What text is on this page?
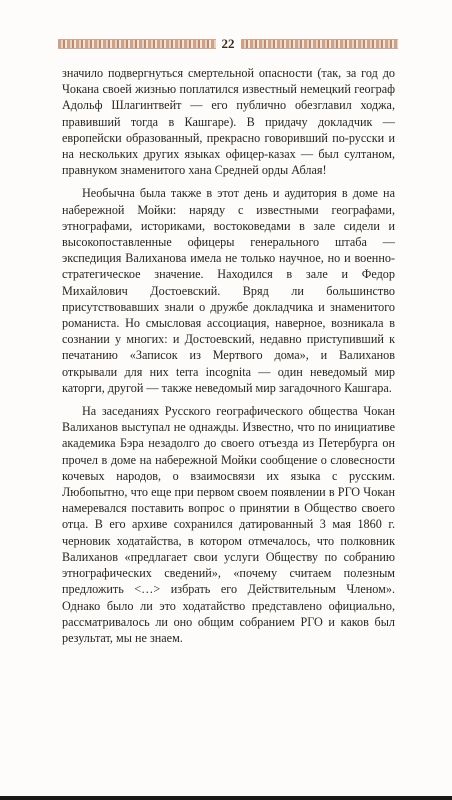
22

значило подвергнуться смертельной опасности (так, за год до Чокана своей жизнью поплатился известный немецкий географ Адольф Шлагинтвейт — его публично обезглавил ходжа, правивший тогда в Кашгаре). В придачу докладчик — европейски образованный, прекрасно говоривший по-русски и на нескольких других языках офицер-казах — был султаном, правнуком знаменитого хана Средней орды Аблая!

Необычна была также в этот день и аудитория в доме на набережной Мойки: наряду с известными географами, этнографами, историками, востоковедами в зале сидели и высокопоставленные офицеры генерального штаба — экспедиция Валиханова имела не только научное, но и военно-стратегическое значение. Находился в зале и Федор Михайлович Достоевский. Вряд ли большинство присутствовавших знали о дружбе докладчика и знаменитого романиста. Но смысловая ассоциация, наверное, возникала в сознании у многих: и Достоевский, недавно приступивший к печатанию «Записок из Мертвого дома», и Валиханов открывали для них terra incognita — один неведомый мир каторги, другой — также неведомый мир загадочного Кашгара.

На заседаниях Русского географического общества Чокан Валиханов выступал не однажды. Известно, что по инициативе академика Бэра незадолго до своего отъезда из Петербурга он прочел в доме на набережной Мойки сообщение о словесности кочевых народов, о взаимосвязи их языка с русским. Любопытно, что еще при первом своем появлении в РГО Чокан намеревался поставить вопрос о принятии в Общество своего отца. В его архиве сохранился датированный 3 мая 1860 г. черновик ходатайства, в котором отмечалось, что полковник Валиханов «предлагает свои услуги Обществу по собранию этнографических сведений», «почему считаем полезным предложить <…> избрать его Действительным Членом». Однако было ли это ходатайство представлено официально, рассматривалось ли оно общим собранием РГО и каков был результат, мы не знаем.
